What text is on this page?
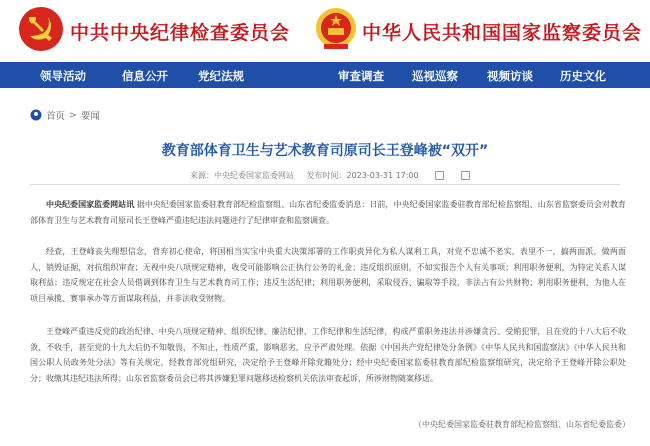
中共中央纪律检查委员会	中华人民共和国国家监察委员会
领导活动	信息公开	党纪法规	审查调查 巡视巡察	视频访谈 历史文化
首页 > 要闻
教育部体育卫生与艺术教育司原司长王登峰被“双开”
来源：中央纪委国家监委网站 发布时间：2023-03-31 17:00
中央纪委国家监委网站讯 据中央纪委国家监委驻教育部纪检监察组、山东省纪委监委消息：日前，中央纪委国家监委驻教育部纪检监察组、山东省监察委员会对教育部体育卫生与艺术教育司原司长王登峰严重违纪违法问题进行了纪律审查和监察调查。
经查，王登峰丧失理想信念，背弃初心使命，将国相当实宝中央重大决策部署的工作职责异化为私人谋利工具，对党不忠诚不老实，表里不一，搞两面派，做两面人，销毁证据，对抗组织审查；无视中央八项规定精神，收受可能影响公正执行公务的礼金；违反组织原则，不如实报告个人有关事项；利用职务便利，为特定关系人谋取利益；违反规定在社会人员借调到体育卫生与艺术教育司工作；违反生活纪律；利用职务便利，采取侵吞、骗取等手段，非法占有公共财物；利用职务便利，为他人在项目承揽、赛事承办等方面谋取利益，并非法收受财物。
王登峰严重违反党的政治纪律、中央八项规定精神、组织纪律、廉洁纪律、工作纪律和生活纪律，构成严重职务违法并涉嫌贪污、受贿犯罪，且在党的十八大后不收敛、不收手，甚至党的十九大后仍不知敬畏，不知止，性质严重，影响恶劣，应予严肃处理。依据《中国共产党纪律处分条例》《中华人民共和国监察法》《中华人民共和国公职人员政务处分法》等有关规定，经教育部党组研究，决定给予王登峰开除党籍处分；经中央纪委国家监委驻教育部纪检监察组研究，决定给予王登峰开除公职处分；收缴其违纪违法所得；山东省监察委员会已将其涉嫌犯罪问题移送检察机关依法审查起诉，所涉财物随案移送。
（中央纪委国家监委驻教育部纪检监察组、山东省纪委监委）
